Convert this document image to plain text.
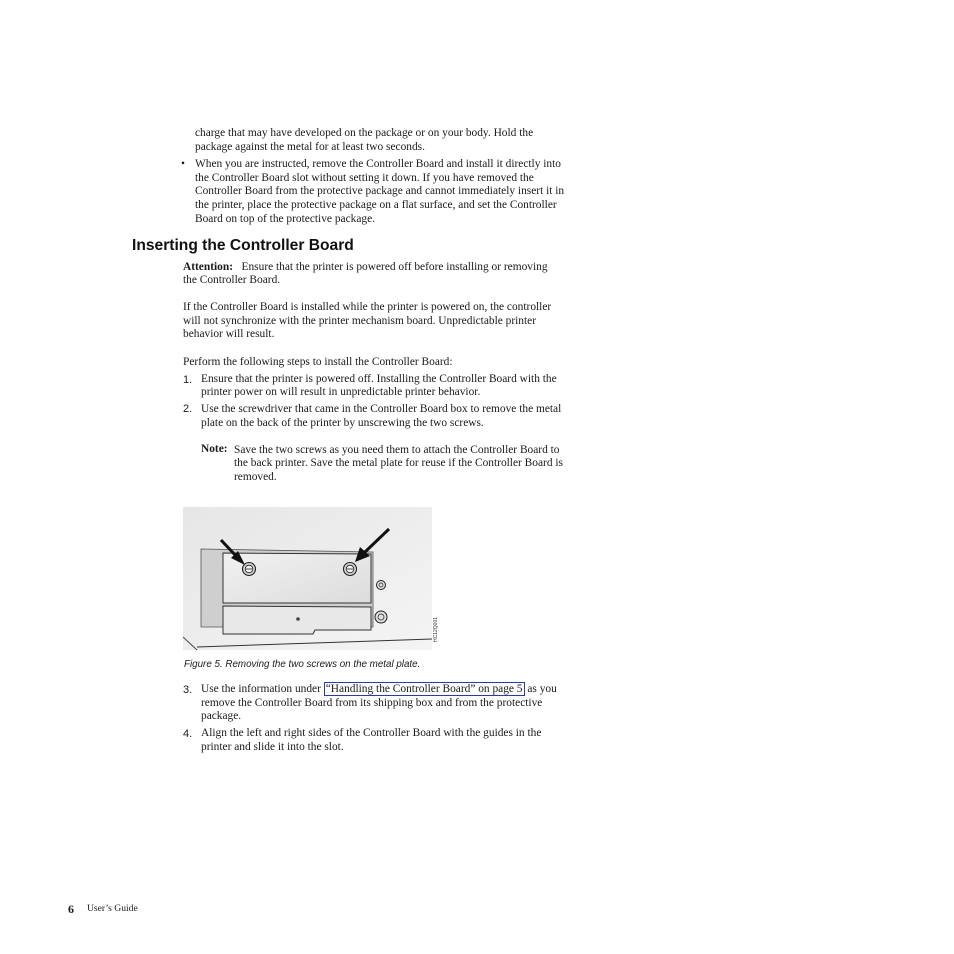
charge that may have developed on the package or on your body. Hold the
package against the metal for at least two seconds.
• When you are instructed, remove the Controller Board and install it directly into
the Controller Board slot without setting it down. If you have removed the
Controller Board from the protective package and cannot immediately insert it in
the printer, place the protective package on a flat surface, and set the Controller
Board on top of the protective package.
Inserting the Controller Board
Attention: Ensure that the printer is powered off before installing or removing
the Controller Board.
If the Controller Board is installed while the printer is powered on, the controller
will not synchronize with the printer mechanism board. Unpredictable printer
behavior will result.
Perform the following steps to install the Controller Board:
1. Ensure that the printer is powered off. Installing the Controller Board with the
printer power on will result in unpredictable printer behavior.
2. Use the screwdriver that came in the Controller Board box to remove the metal
plate on the back of the printer by unscrewing the two screws.
Note: Save the two screws as you need them to attach the Controller Board to
the back printer. Save the metal plate for reuse if the Controller Board is
removed.
HC12Q001
Figure 5. Removing the two screws on the metal plate.
3. Use the information under “Handling the Controller Board” on page 5 as you
remove the Controller Board from its shipping box and from the protective
package.
4. Align the left and right sides of the Controller Board with the guides in the
printer and slide it into the slot.
6 User’s Guide
